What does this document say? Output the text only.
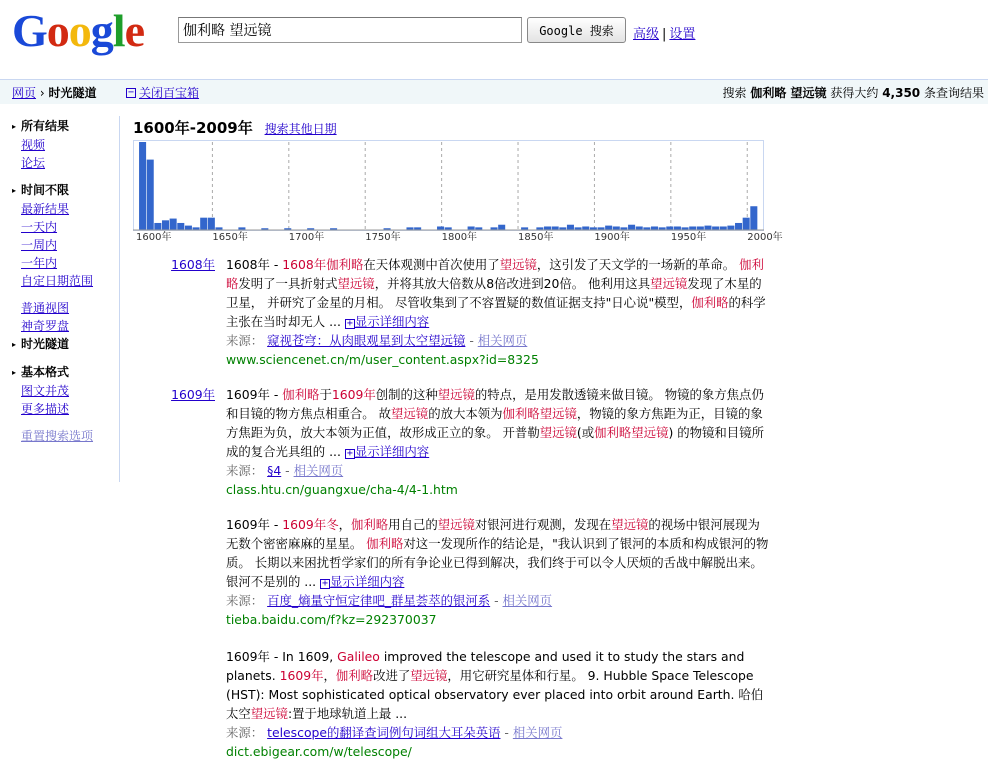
Google
Google
伽利略 望远镜
Google 搜索	高级 | 设置
网页 › 时光隧道	− 关闭百宝箱	搜索 伽利略 望远镜 获得大约 4,350 条查询结果
▸ 所有结果
视频
论坛
▸ 时间不限
最新结果
一天内
一周内
一年内
自定日期范围
普通视图
神奇罗盘
▸ 时光隧道
▸ 基本格式
图文并茂
更多描述
重置搜索选项
1600年-2009年 搜索其他日期
1600年	1650年	1700年	1750年	1800年	1850年	1900年	1950年	2000年
1608年 1608年 - 1608年伽利略在天体观测中首次使用了望远镜，这引发了天文学的一场新的革命。 伽利略发明了一具折射式望远镜，并将其放大倍数从8倍改进到20倍。 他利用这具望远镜发现了木星的卫星， 并研究了金星的月相。 尽管收集到了不容置疑的数值证据支持"日心说"模型，伽利略的科学主张在当时却无人 ... + 显示详细内容
来源： 窥视苍穹：从肉眼观星到太空望远镜 - 相关网页
www.sciencenet.cn/m/user_content.aspx?id=8325
1609年 1609年 - 伽利略于1609年创制的这种望远镜的特点，是用发散透镜来做目镜。 物镜的象方焦点仍和目镜的物方焦点相重合。 故望远镜的放大本领为伽利略望远镜，物镜的象方焦距为正，目镜的象方焦距为负，放大本领为正值，故形成正立的象。 开普勒望远镜(或伽利略望远镜) 的物镜和目镜所成的复合光具组的 ... + 显示详细内容
来源： §4 - 相关网页
class.htu.cn/guangxue/cha-4/4-1.htm
1609年 - 1609年冬，伽利略用自己的望远镜对银河进行观测，发现在望远镜的视场中银河展现为无数个密密麻麻的星星。 伽利略对这一发现所作的结论是，"我认识到了银河的本质和构成银河的物质。 长期以来困扰哲学家们的所有争论业已得到解决，我们终于可以令人厌烦的舌战中解脱出来。 银河不是别的 ... + 显示详细内容
来源： 百度_熵量守恒定律吧_群星荟萃的银河系 - 相关网页
tieba.baidu.com/f?kz=292370037
1609年 - In 1609, Galileo improved the telescope and used it to study the stars and planets. 1609年，伽利略改进了望远镜，用它研究星体和行星。 9. Hubble Space Telescope (HST): Most sophisticated optical observatory ever placed into orbit around Earth. 哈伯太空望远镜:置于地球轨道上最 ...
来源： telescope的翻译查词例句词组大耳朵英语 - 相关网页
dict.ebigear.com/w/telescope/
